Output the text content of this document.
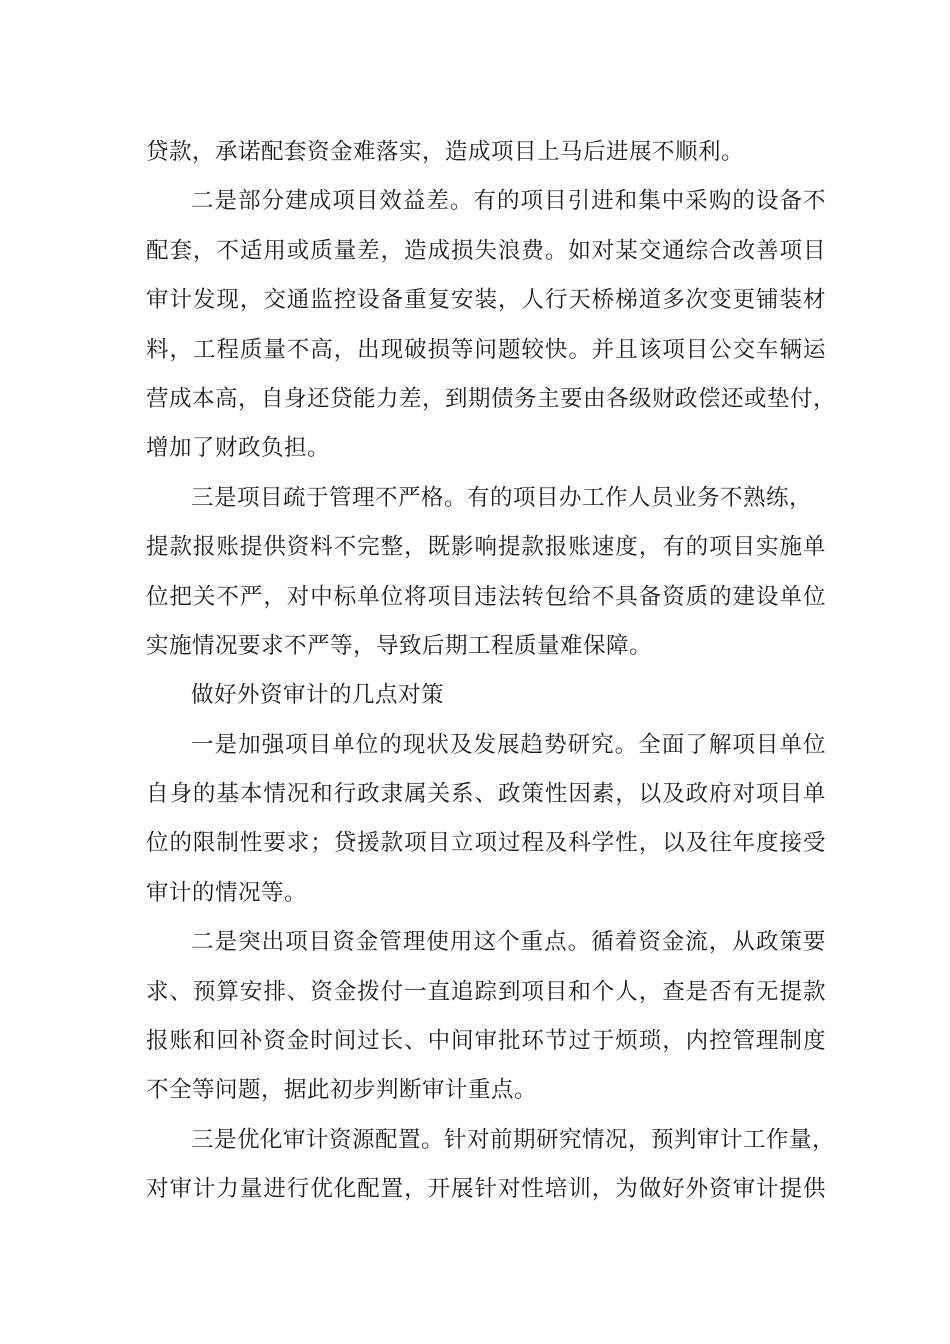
贷款，承诺配套资金难落实，造成项目上马后进展不顺利。
二是部分建成项目效益差。有的项目引进和集中采购的设备不
配套，不适用或质量差，造成损失浪费。如对某交通综合改善项目
审计发现，交通监控设备重复安装，人行天桥梯道多次变更铺装材
料，工程质量不高，出现破损等问题较快。并且该项目公交车辆运
营成本高，自身还贷能力差，到期债务主要由各级财政偿还或垫付，
增加了财政负担。
三是项目疏于管理不严格。有的项目办工作人员业务不熟练，
提款报账提供资料不完整，既影响提款报账速度，有的项目实施单
位把关不严，对中标单位将项目违法转包给不具备资质的建设单位
实施情况要求不严等，导致后期工程质量难保障。
做好外资审计的几点对策
一是加强项目单位的现状及发展趋势研究。全面了解项目单位
自身的基本情况和行政隶属关系、政策性因素，以及政府对项目单
位的限制性要求；贷援款项目立项过程及科学性，以及往年度接受
审计的情况等。
二是突出项目资金管理使用这个重点。循着资金流，从政策要
求、预算安排、资金拨付一直追踪到项目和个人，查是否有无提款
报账和回补资金时间过长、中间审批环节过于烦琐，内控管理制度
不全等问题，据此初步判断审计重点。
三是优化审计资源配置。针对前期研究情况，预判审计工作量，
对审计力量进行优化配置，开展针对性培训，为做好外资审计提供
